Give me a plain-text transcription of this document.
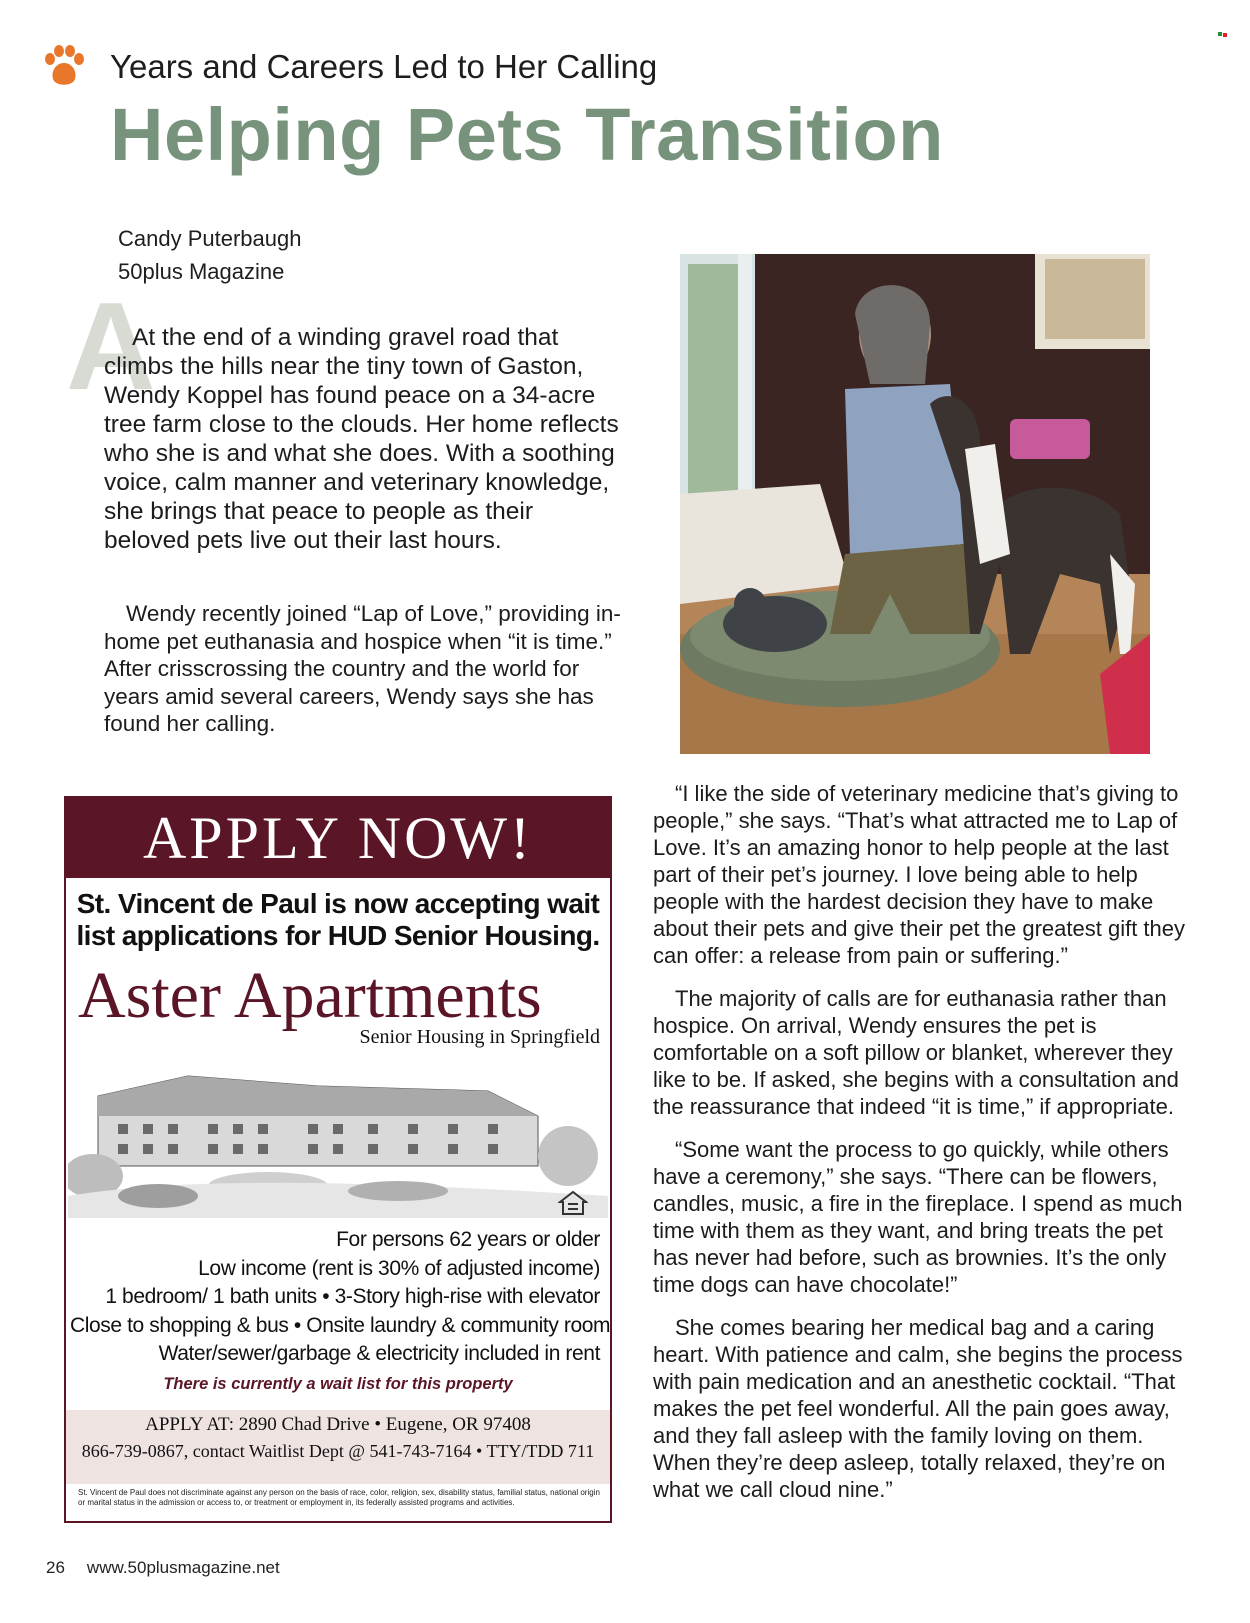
Years and Careers Led to Her Calling
Helping Pets Transition
Candy Puterbaugh
50plus Magazine
A

At the end of a winding gravel road that climbs the hills near the tiny town of Gaston, Wendy Koppel has found peace on a 34-acre tree farm close to the clouds. Her home reflects who she is and what she does. With a soothing voice, calm manner and veterinary knowledge, she brings that peace to people as their beloved pets live out their last hours.

Wendy recently joined “Lap of Love,” providing in-home pet euthanasia and hospice when “it is time.” After crisscrossing the country and the world for years amid several careers, Wendy says she has found her calling.

“I like the side of veterinary medicine that’s giving to people,” she says. “That’s what attracted me to Lap of Love. It’s an amazing honor to help people at the last part of their pet’s journey. I love being able to help people with the hardest decision they have to make about their pets and give their pet the greatest gift they can offer: a release from pain or suffering.”

The majority of calls are for euthanasia rather than hospice. On arrival, Wendy ensures the pet is comfortable on a soft pillow or blanket, wherever they like to be. If asked, she begins with a consultation and the reassurance that indeed “it is time,” if appropriate.

“Some want the process to go quickly, while others have a ceremony,” she says. “There can be flowers, candles, music, a fire in the fireplace. I spend as much time with them as they want, and bring treats the pet has never had before, such as brownies. It’s the only time dogs can have chocolate!”

She comes bearing her medical bag and a caring heart. With patience and calm, she begins the process with pain medication and an anesthetic cocktail. “That makes the pet feel wonderful. All the pain goes away, and they fall asleep with the family loving on them. When they’re deep asleep, totally relaxed, they’re on what we call cloud nine.”

APPLY NOW!
St. Vincent de Paul is now accepting wait
list applications for HUD Senior Housing.
Aster Apartments
Senior Housing in Springfield
For persons 62 years or older
Low income (rent is 30% of adjusted income)
1 bedroom/ 1 bath units • 3-Story high-rise with elevator
Close to shopping & bus • Onsite laundry & community room
Water/sewer/garbage & electricity included in rent
There is currently a wait list for this property
APPLY AT: 2890 Chad Drive • Eugene, OR 97408
866-739-0867, contact Waitlist Dept @ 541-743-7164 • TTY/TDD 711
St. Vincent de Paul does not discriminate against any person on the basis of race, color, religion, sex, disability status, familial status, national origin or marital status in the admission or access to, or treatment or employment in, its federally assisted programs and activities.
26 www.50plusmagazine.net
